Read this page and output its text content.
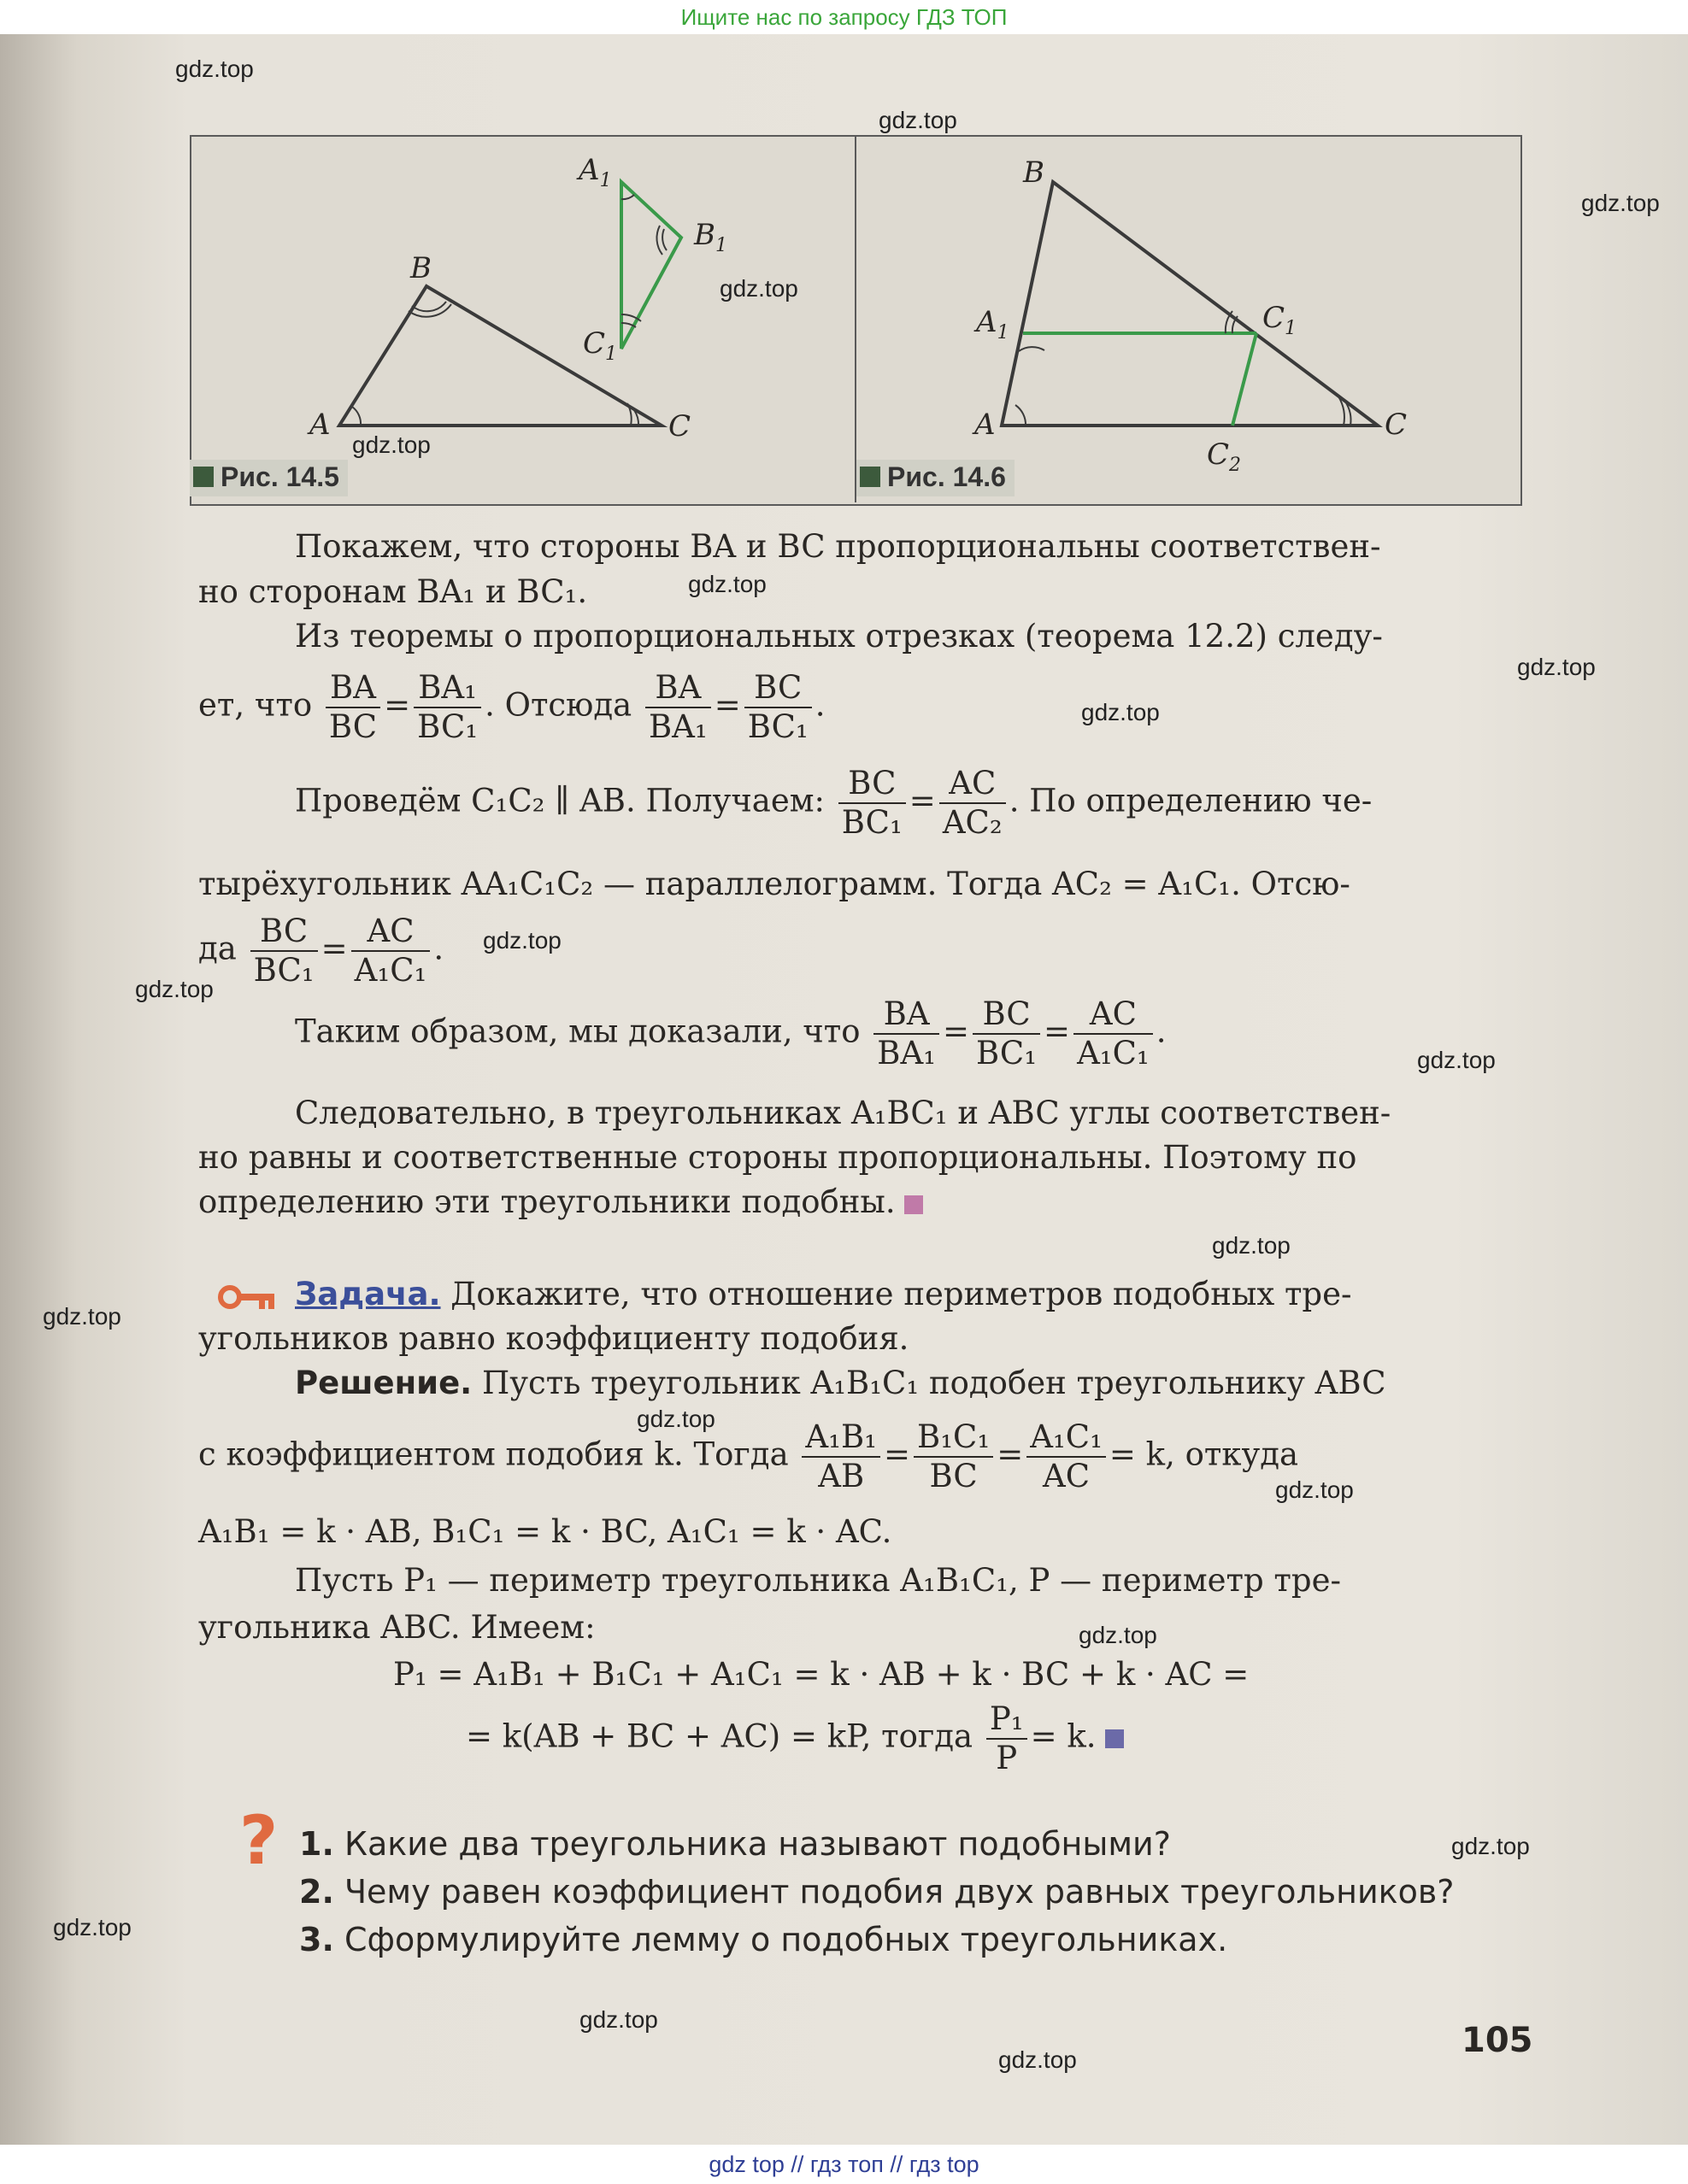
Ищите нас по запросу ГДЗ ТОП
A
B
C
$A_1$
$B_1$
$C_1$
B
A	C
$A_1$	$C_1$
$C_2$
Рис. 14.5	Рис. 14.6
Покажем, что стороны BA и BC пропорциональны соответствен-
но сторонам BA₁ и BC₁.
Из теоремы о пропорциональных отрезках (теорема 12.2) следу-
ет, что $\frac{BA}{BC} = \frac{\text{BA₁}}{\text{BC₁}}$ . Отсюда $\frac{BA}{\text{BA₁}} = \frac{BC}{\text{BC₁}}$ .
Проведём C₁C₂ ∥ AB. Получаем: $\frac{BC}{\text{BC₁}} = \frac{AC}{\text{AC₂}}$ . По определению че-
тырёхугольник AA₁C₁C₂ — параллелограмм. Тогда AC₂ = A₁C₁. Отсю-
да $\frac{BC}{\text{BC₁}} = \frac{AC}{\text{A₁C₁}}$ .
Таким образом, мы доказали, что $\frac{BA}{\text{BA₁}} = \frac{BC}{\text{BC₁}} = \frac{AC}{\text{A₁C₁}}$ .
Следовательно, в треугольниках A₁BC₁ и ABC углы соответствен-
но равны и соответственные стороны пропорциональны. Поэтому по
определению эти треугольники подобны.
Задача. Докажите, что отношение периметров подобных тре-
угольников равно коэффициенту подобия.
Решение. Пусть треугольник A₁B₁C₁ подобен треугольнику ABC
с коэффициентом подобия k. Тогда $\frac{\text{A₁B₁}}{AB} = \frac{\text{B₁C₁}}{BC} = \frac{\text{A₁C₁}}{AC} = k$, откуда
A₁B₁ = k · AB, B₁C₁ = k · BC, A₁C₁ = k · AC.
Пусть P₁ — периметр треугольника A₁B₁C₁, P — периметр тре-
угольника ABC. Имеем:
P₁ = A₁B₁ + B₁C₁ + A₁C₁ = k · AB + k · BC + k · AC =
= k(AB + BC + AC) = kP, тогда $\frac{\text{P₁}}{P} = k$.
? 1. Какие два треугольника называют подобными?
2. Чему равен коэффициент подобия двух равных треугольников?
3. Сформулируйте лемму о подобных треугольниках.
105
gdz.top
gdz.top
gdz.top
gdz.top
gdz.top
gdz.top
gdz.top
gdz.top
gdz.top
gdz.top
gdz.top
gdz.top
gdz.top
gdz.top
gdz.top
gdz.top
gdz.top
gdz.top
gdz.top
gdz.top
gdz top // гдз топ // гдз top
